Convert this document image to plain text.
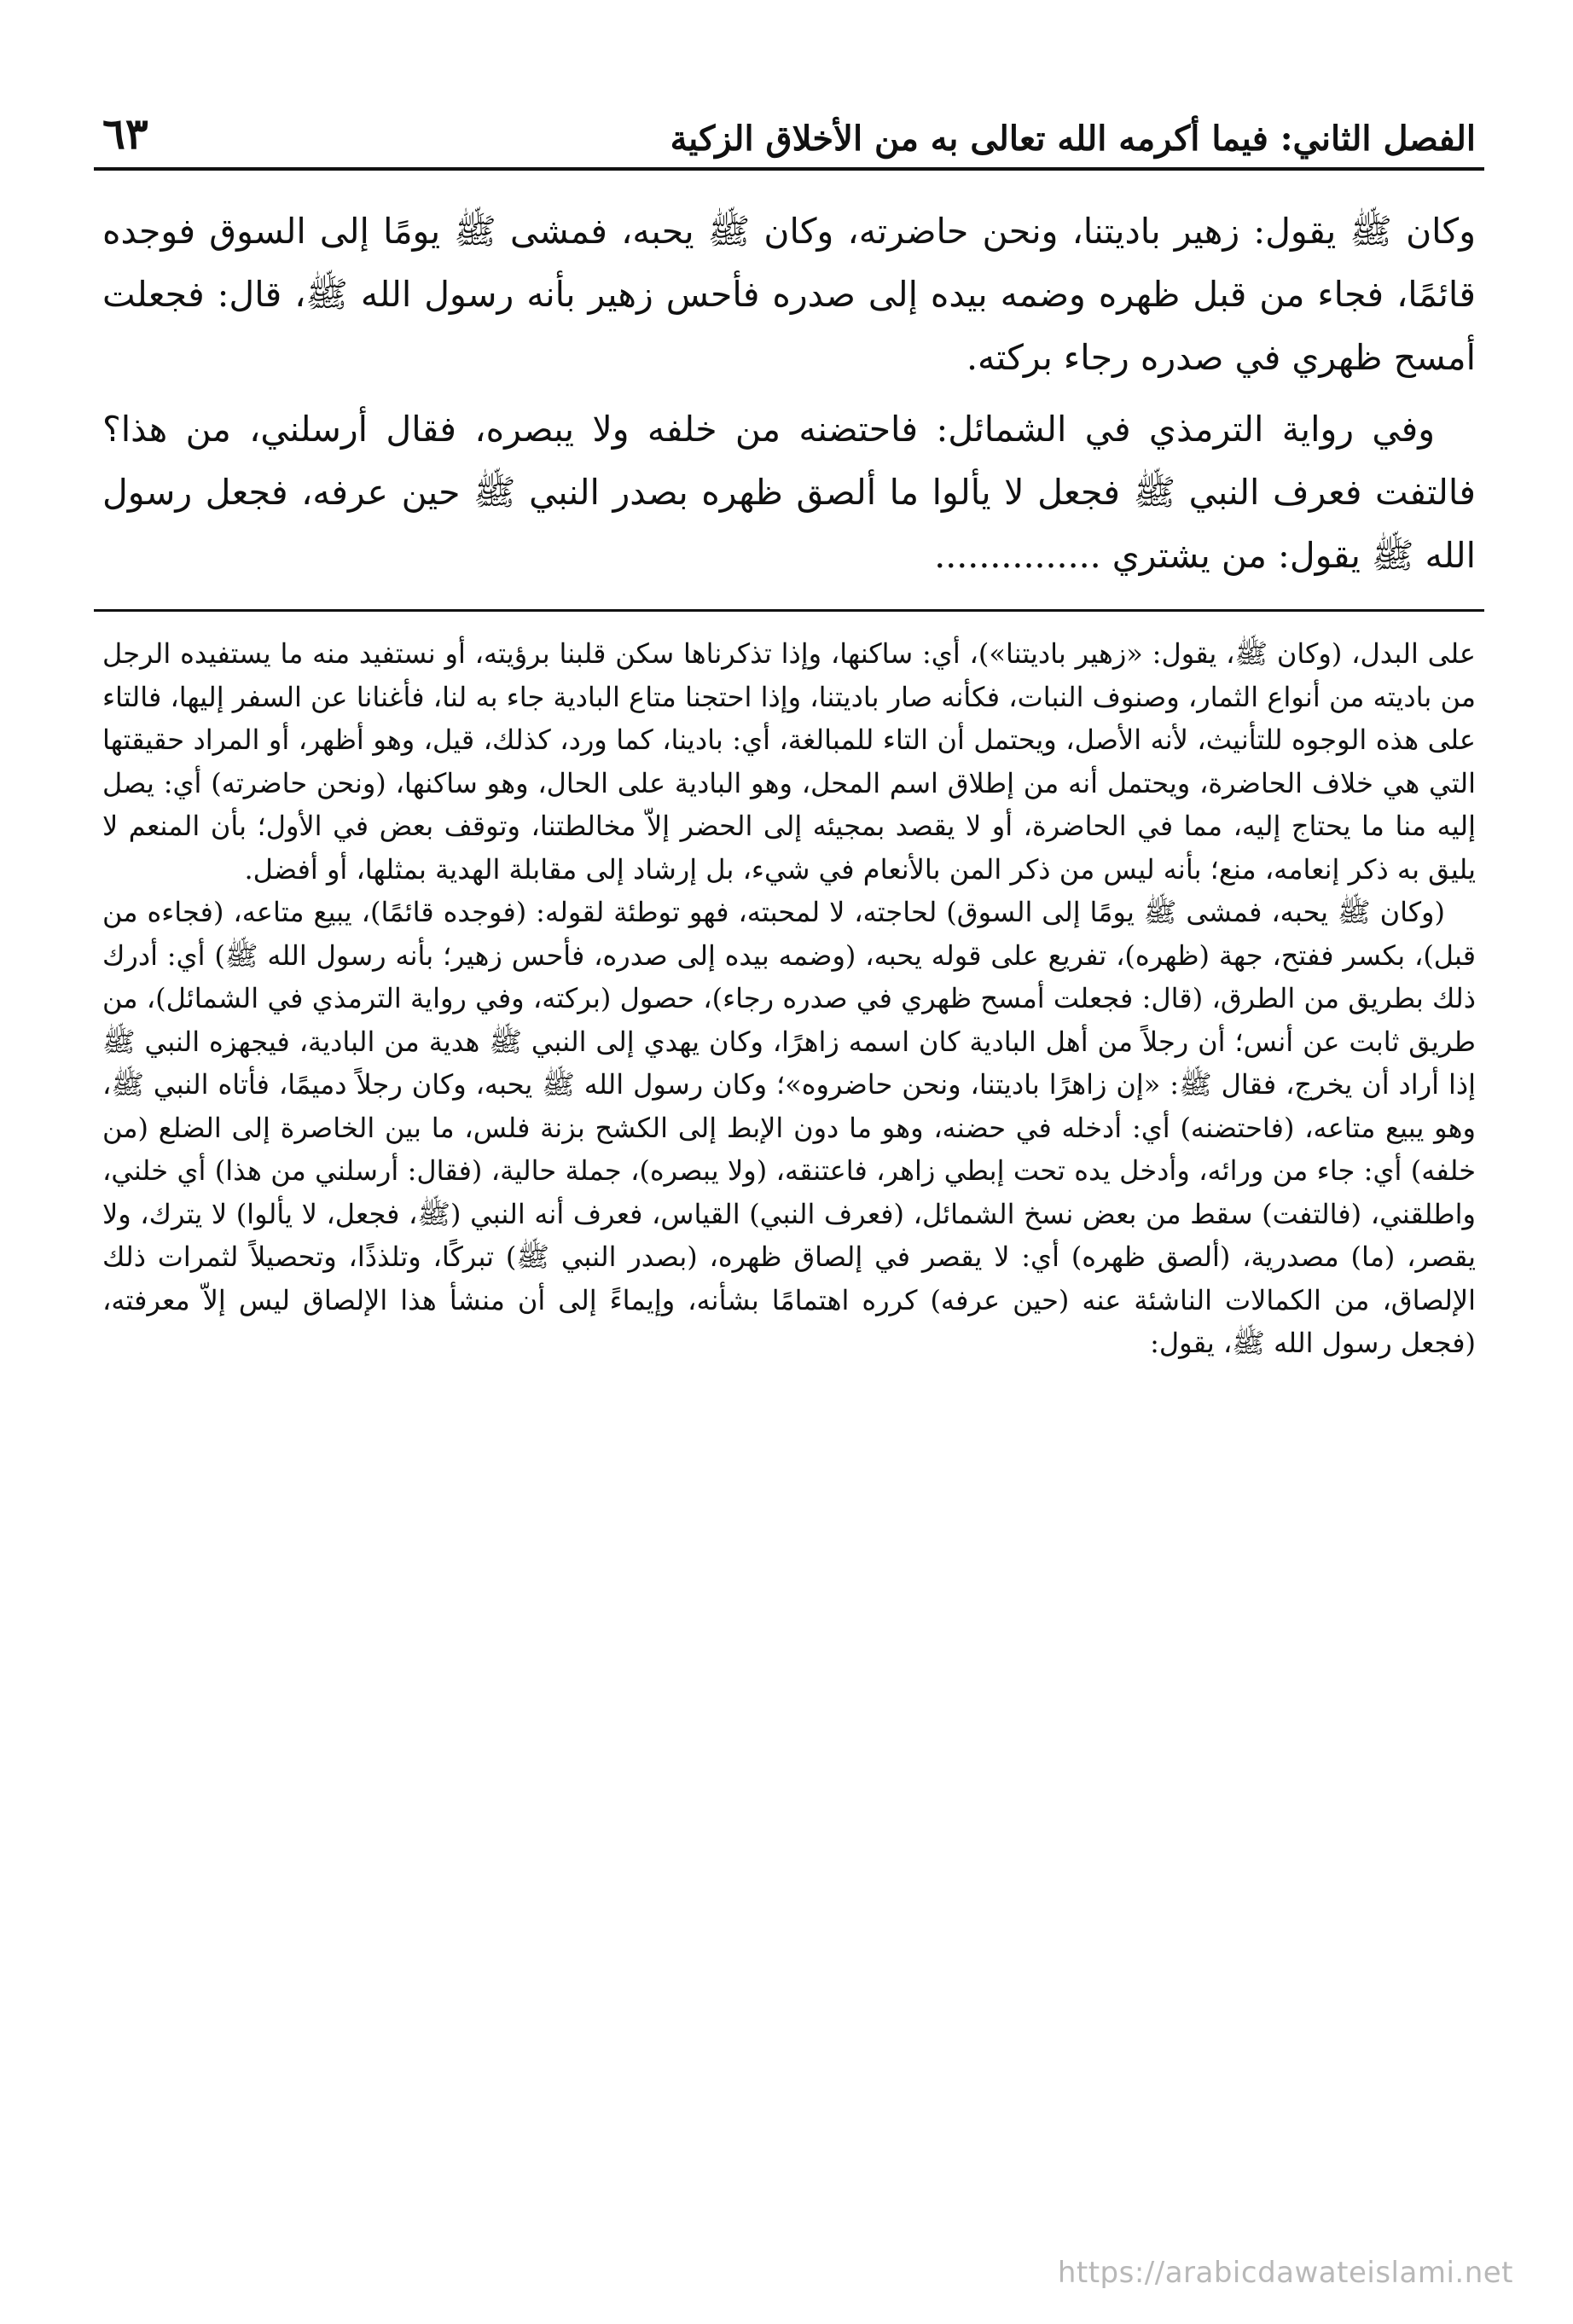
الفصل الثاني: فيما أكرمه الله تعالى به من الأخلاق الزكية
٦٣

وكان ﷺ يقول: زهير باديتنا، ونحن حاضرته، وكان ﷺ يحبه، فمشى ﷺ يومًا إلى السوق فوجده قائمًا، فجاء من قبل ظهره وضمه بيده إلى صدره فأحس زهير بأنه رسول الله ﷺ، قال: فجعلت أمسح ظهري في صدره رجاء بركته.

وفي رواية الترمذي في الشمائل: فاحتضنه من خلفه ولا يبصره، فقال أرسلني، من هذا؟ فالتفت فعرف النبي ﷺ فجعل لا يألوا ما ألصق ظهره بصدر النبي ﷺ حين عرفه، فجعل رسول الله ﷺ يقول: من يشتري ...............

على البدل، (وكان ﷺ، يقول: «زهير باديتنا»)، أي: ساكنها، وإذا تذكرناها سكن قلبنا برؤيته، أو نستفيد منه ما يستفيده الرجل من باديته من أنواع الثمار، وصنوف النبات، فكأنه صار باديتنا، وإذا احتجنا متاع البادية جاء به لنا، فأغنانا عن السفر إليها، فالتاء على هذه الوجوه للتأنيث، لأنه الأصل، ويحتمل أن التاء للمبالغة، أي: بادينا، كما ورد، كذلك، قيل، وهو أظهر، أو المراد حقيقتها التي هي خلاف الحاضرة، ويحتمل أنه من إطلاق اسم المحل، وهو البادية على الحال، وهو ساكنها، (ونحن حاضرته) أي: يصل إليه منا ما يحتاج إليه، مما في الحاضرة، أو لا يقصد بمجيئه إلى الحضر إلاّ مخالطتنا، وتوقف بعض في الأول؛ بأن المنعم لا يليق به ذكر إنعامه، منع؛ بأنه ليس من ذكر المن بالأنعام في شيء، بل إرشاد إلى مقابلة الهدية بمثلها، أو أفضل.

(وكان ﷺ يحبه، فمشى ﷺ يومًا إلى السوق) لحاجته، لا لمحبته، فهو توطئة لقوله: (فوجده قائمًا)، يبيع متاعه، (فجاءه من قبل)، بكسر ففتح، جهة (ظهره)، تفريع على قوله يحبه، (وضمه بيده إلى صدره، فأحس زهير؛ بأنه رسول الله ﷺ) أي: أدرك ذلك بطريق من الطرق، (قال: فجعلت أمسح ظهري في صدره رجاء)، حصول (بركته، وفي رواية الترمذي في الشمائل)، من طريق ثابت عن أنس؛ أن رجلاً من أهل البادية كان اسمه زاهرًا، وكان يهدي إلى النبي ﷺ هدية من البادية، فيجهزه النبي ﷺ إذا أراد أن يخرج، فقال ﷺ: «إن زاهرًا باديتنا، ونحن حاضروه»؛ وكان رسول الله ﷺ يحبه، وكان رجلاً دميمًا، فأتاه النبي ﷺ، وهو يبيع متاعه، (فاحتضنه) أي: أدخله في حضنه، وهو ما دون الإبط إلى الكشح بزنة فلس، ما بين الخاصرة إلى الضلع (من خلفه) أي: جاء من ورائه، وأدخل يده تحت إبطي زاهر، فاعتنقه، (ولا يبصره)، جملة حالية، (فقال: أرسلني من هذا) أي خلني، واطلقني، (فالتفت) سقط من بعض نسخ الشمائل، (فعرف النبي) القياس، فعرف أنه النبي (ﷺ، فجعل، لا يألوا) لا يترك، ولا يقصر، (ما) مصدرية، (ألصق ظهره) أي: لا يقصر في إلصاق ظهره، (بصدر النبي ﷺ) تبركًا، وتلذذًا، وتحصيلاً لثمرات ذلك الإلصاق، من الكمالات الناشئة عنه (حين عرفه) كرره اهتمامًا بشأنه، وإيماءً إلى أن منشأ هذا الإلصاق ليس إلاّ معرفته، (فجعل رسول الله ﷺ، يقول:

https://arabicdawateislami.net
